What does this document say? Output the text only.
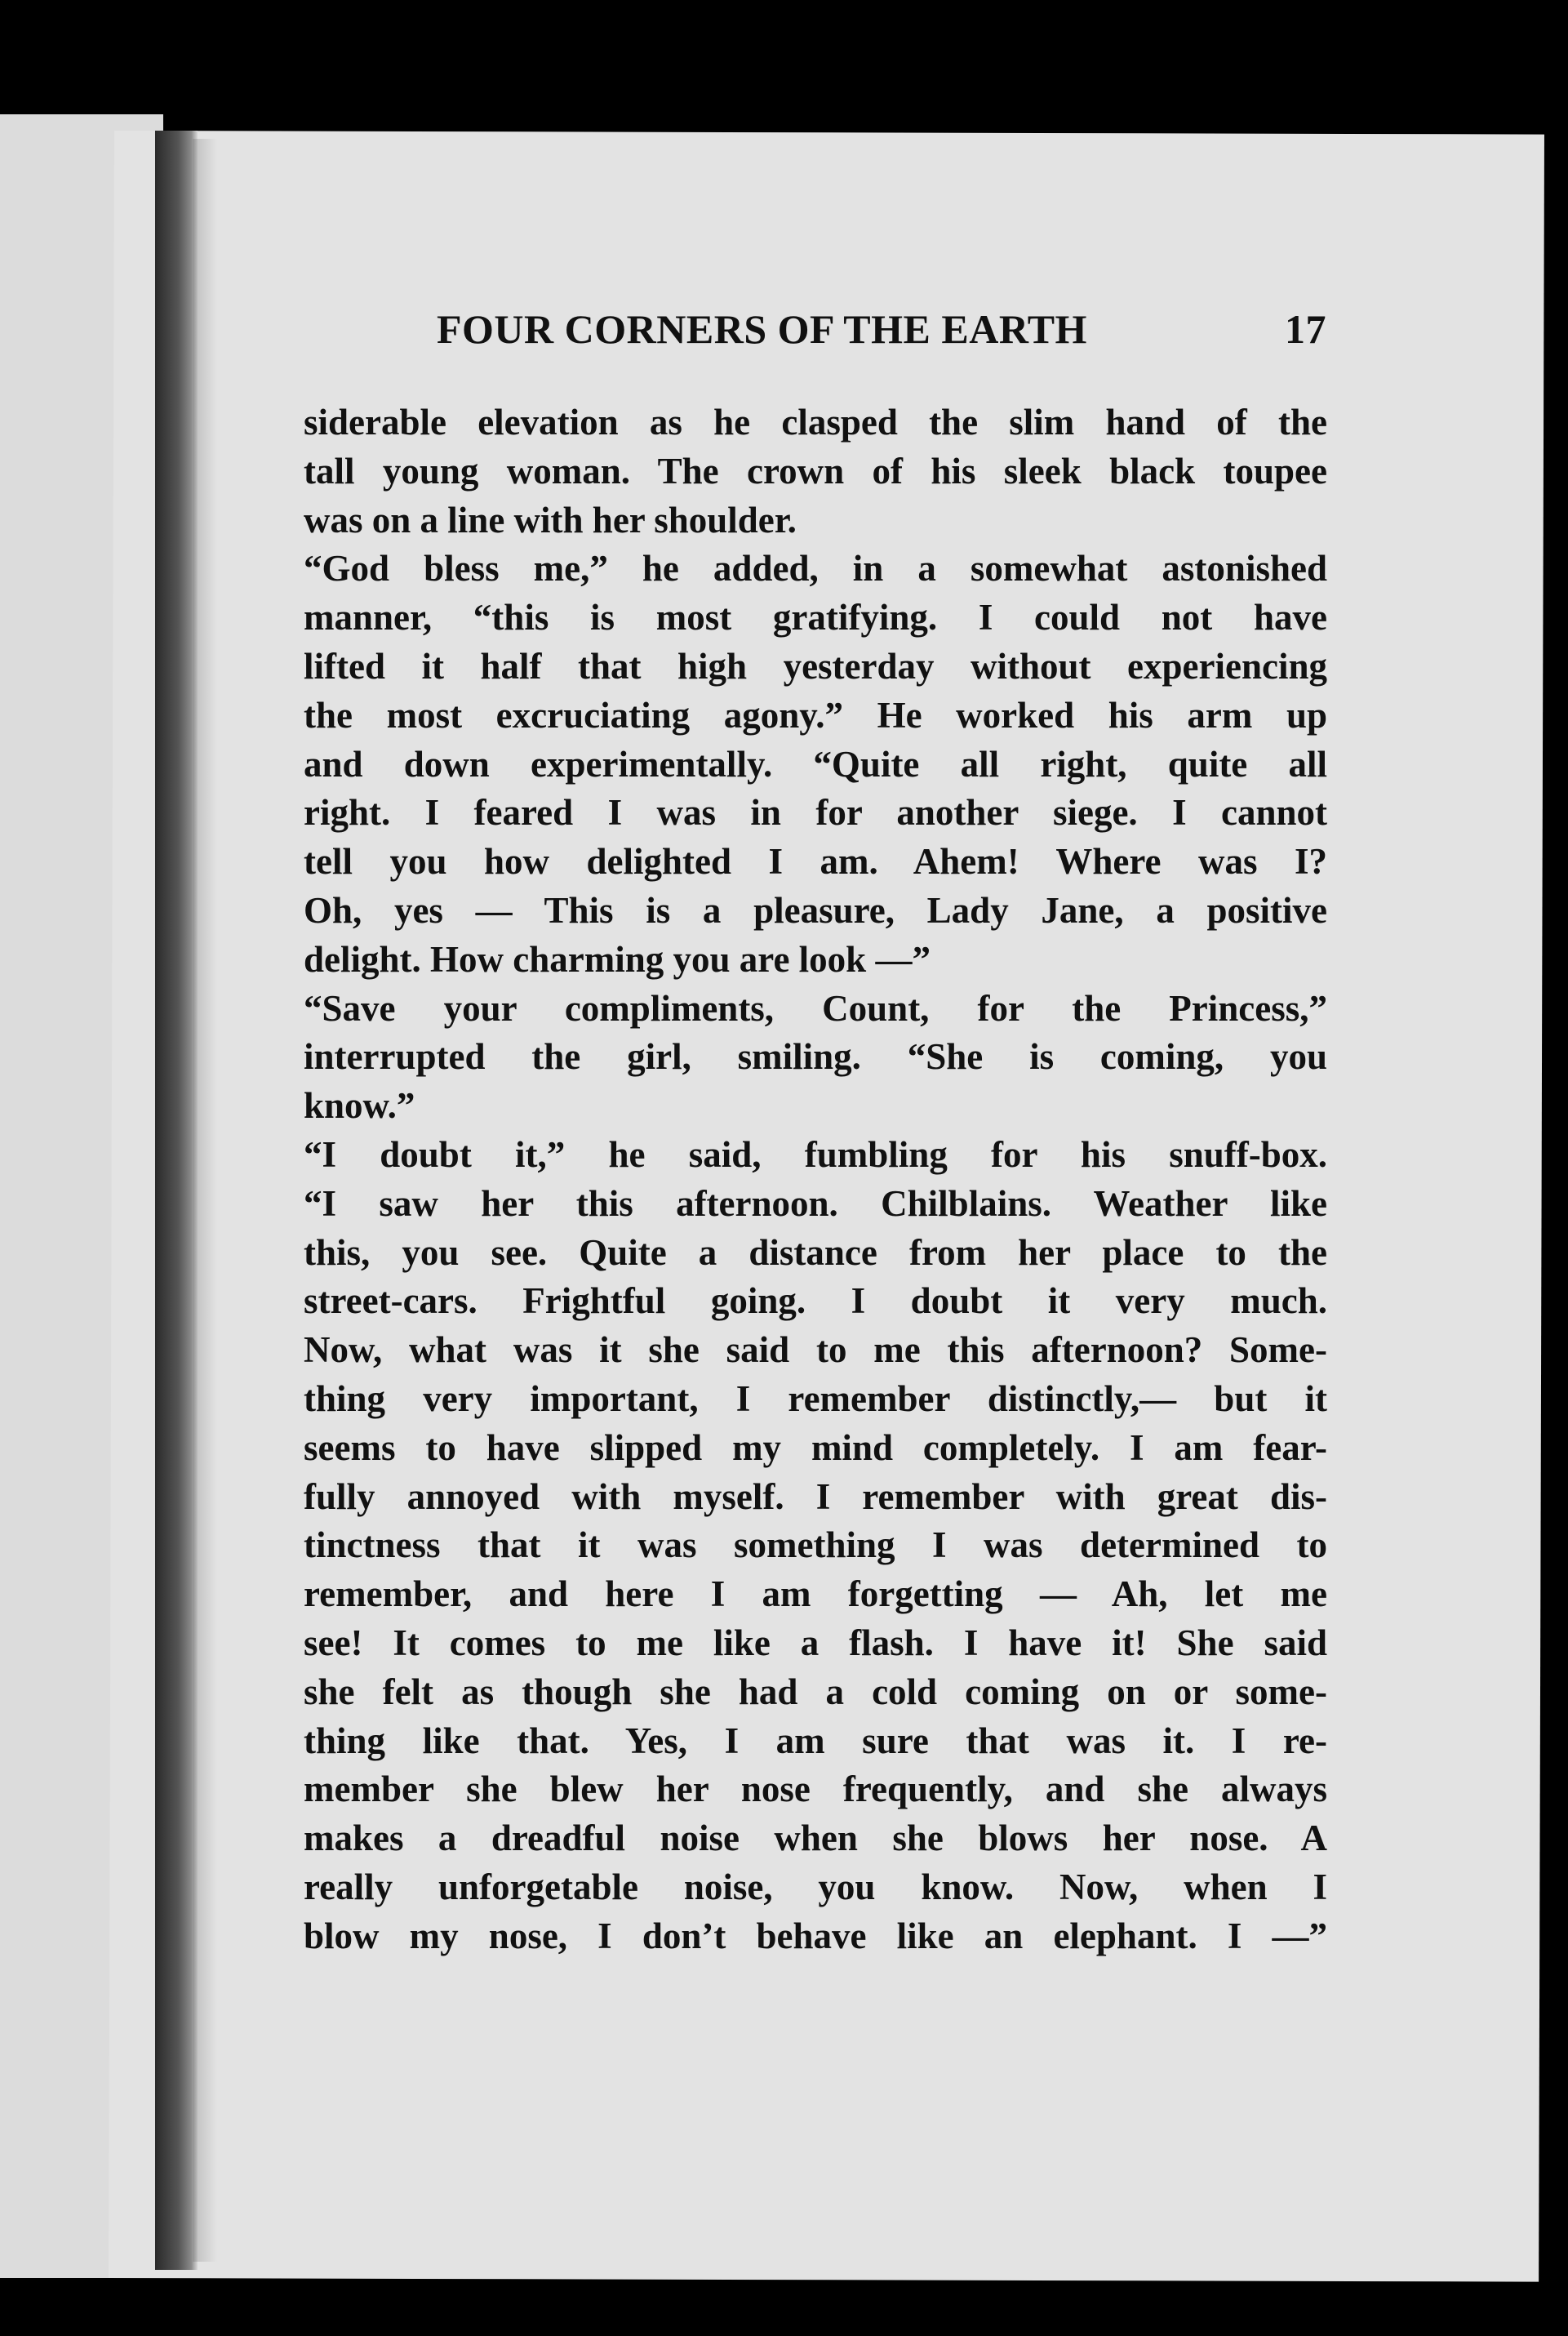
FOUR CORNERS OF THE EARTH	17
siderable elevation as he clasped the slim hand of the
tall young woman. The crown of his sleek black toupee
was on a line with her shoulder.
“God bless me,” he added, in a somewhat astonished
manner, “this is most gratifying. I could not have
lifted it half that high yesterday without experiencing
the most excruciating agony.” He worked his arm up
and down experimentally. “Quite all right, quite all
right. I feared I was in for another siege. I cannot
tell you how delighted I am. Ahem! Where was I?
Oh, yes — This is a pleasure, Lady Jane, a positive
delight. How charming you are look —”
“Save your compliments, Count, for the Princess,”
interrupted the girl, smiling. “She is coming, you
know.”
“I doubt it,” he said, fumbling for his snuff-box.
“I saw her this afternoon. Chilblains. Weather like
this, you see. Quite a distance from her place to the
street-cars. Frightful going. I doubt it very much.
Now, what was it she said to me this afternoon? Some-
thing very important, I remember distinctly,— but it
seems to have slipped my mind completely. I am fear-
fully annoyed with myself. I remember with great dis-
tinctness that it was something I was determined to
remember, and here I am forgetting — Ah, let me
see! It comes to me like a flash. I have it! She said
she felt as though she had a cold coming on or some-
thing like that. Yes, I am sure that was it. I re-
member she blew her nose frequently, and she always
makes a dreadful noise when she blows her nose. A
really unforgetable noise, you know. Now, when I
blow my nose, I don’t behave like an elephant. I —”
